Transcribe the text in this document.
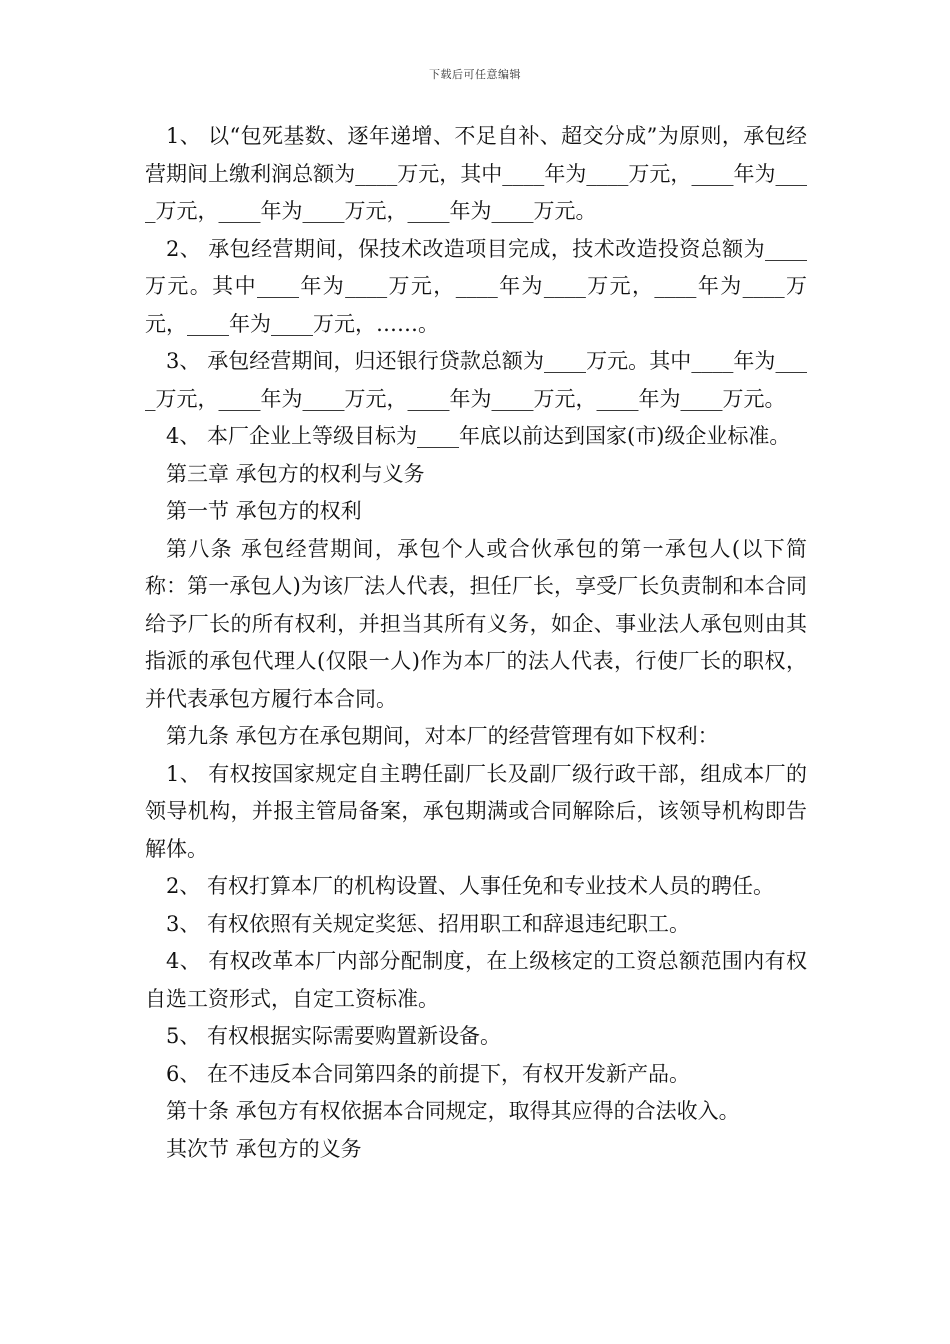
下载后可任意编辑

1、 以“包死基数、逐年递增、不足自补、超交分成”为原则，承包经营期间上缴利润总额为____万元，其中____年为____万元，____年为____万元，____年为____万元，____年为____万元。

2、 承包经营期间，保技术改造项目完成，技术改造投资总额为____万元。其中____年为____万元，____年为____万元，____年为____万元，____年为____万元，……。

3、 承包经营期间，归还银行贷款总额为____万元。其中____年为____万元，____年为____万元，____年为____万元，____年为____万元。

4、 本厂企业上等级目标为____年底以前达到国家(市)级企业标准。

第三章 承包方的权利与义务

第一节 承包方的权利

第八条 承包经营期间，承包个人或合伙承包的第一承包人(以下简称：第一承包人)为该厂法人代表，担任厂长，享受厂长负责制和本合同给予厂长的所有权利，并担当其所有义务，如企、事业法人承包则由其指派的承包代理人(仅限一人)作为本厂的法人代表，行使厂长的职权，并代表承包方履行本合同。

第九条 承包方在承包期间，对本厂的经营管理有如下权利：

1、 有权按国家规定自主聘任副厂长及副厂级行政干部，组成本厂的领导机构，并报主管局备案，承包期满或合同解除后，该领导机构即告解体。

2、 有权打算本厂的机构设置、人事任免和专业技术人员的聘任。

3、 有权依照有关规定奖惩、招用职工和辞退违纪职工。

4、 有权改革本厂内部分配制度，在上级核定的工资总额范围内有权自选工资形式，自定工资标准。

5、 有权根据实际需要购置新设备。

6、 在不违反本合同第四条的前提下，有权开发新产品。

第十条 承包方有权依据本合同规定，取得其应得的合法收入。

其次节 承包方的义务
